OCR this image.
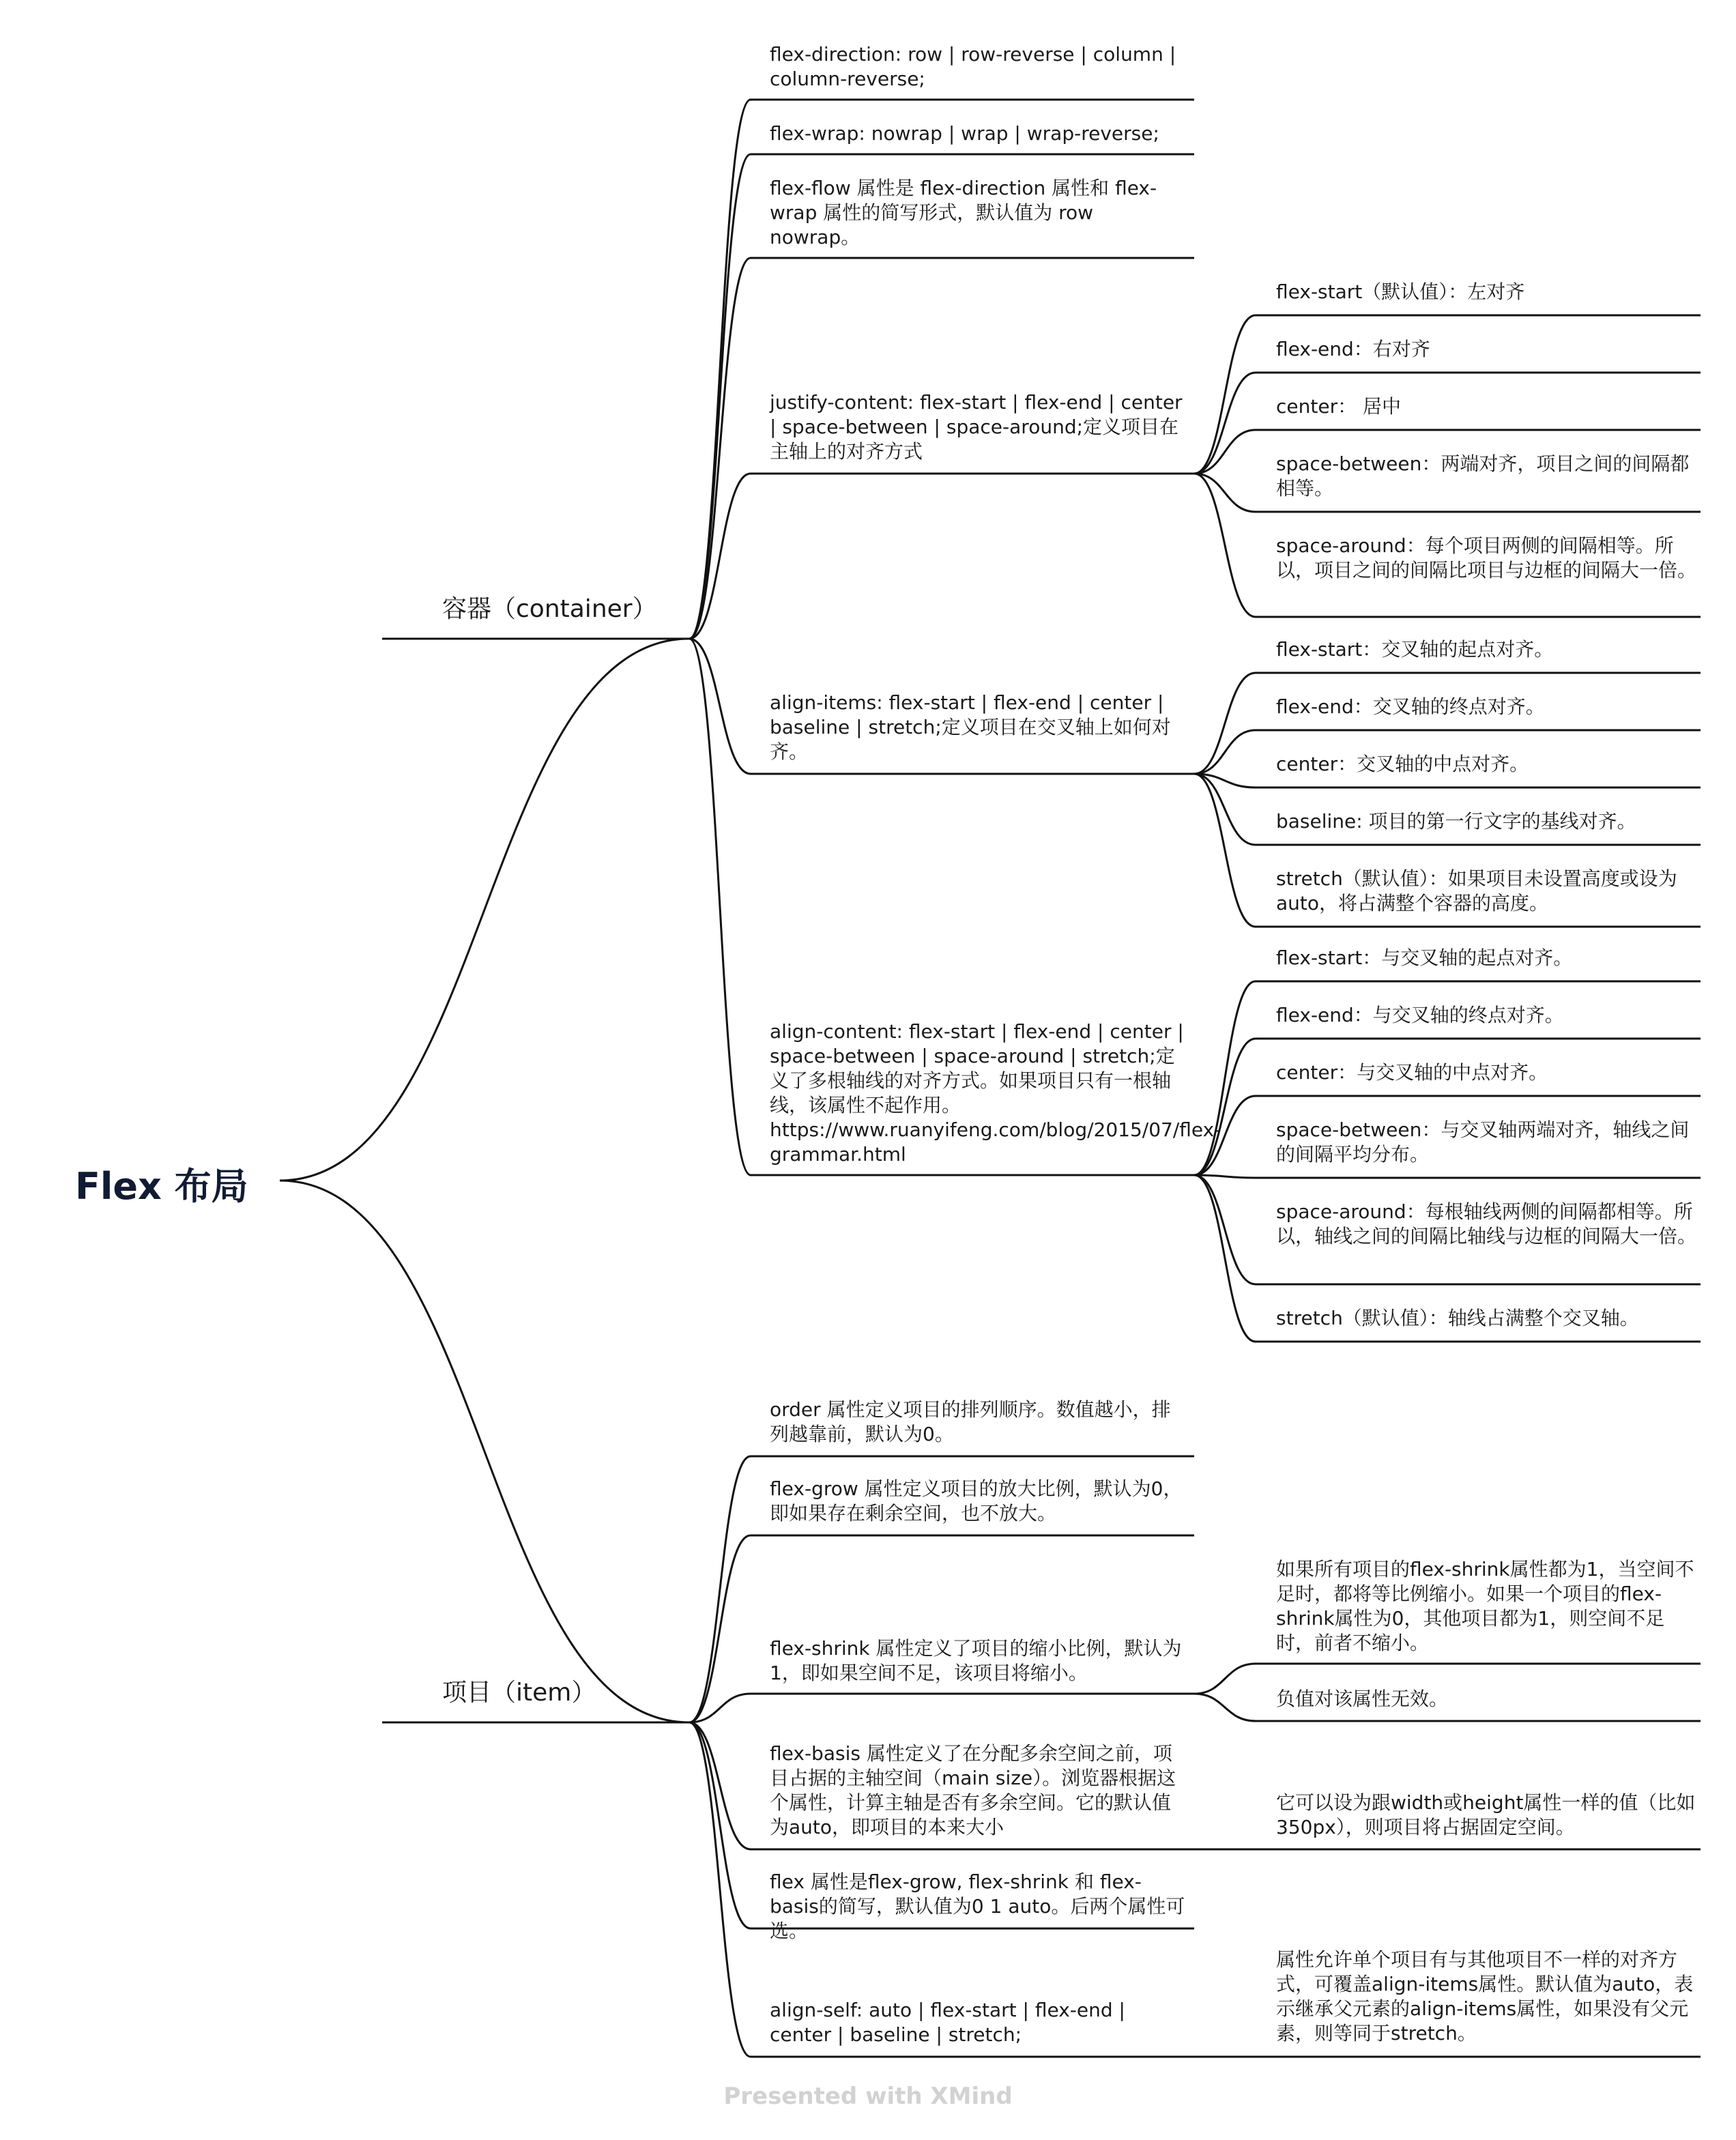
Flex 布局
容器（container）
项目（item）
flex-direction: row | row-reverse | column | column-reverse;
flex-wrap: nowrap | wrap | wrap-reverse;
flex-flow 属性是 flex-direction 属性和 flex-wrap 属性的简写形式，默认值为 row nowrap。
justify-content: flex-start | flex-end | center | space-between | space-around;定义项目在主轴上的对齐方式
align-items: flex-start | flex-end | center | baseline | stretch;定义项目在交叉轴上如何对齐。
align-content: flex-start | flex-end | center | space-between | space-around | stretch;定义了多根轴线的对齐方式。如果项目只有一根轴线，该属性不起作用。https://www.ruanyifeng.com/blog/2015/07/flex-grammar.html
flex-start（默认值）：左对齐
flex-end：右对齐
center： 居中
space-between：两端对齐，项目之间的间隔都相等。
space-around：每个项目两侧的间隔相等。所以，项目之间的间隔比项目与边框的间隔大一倍。
flex-start：交叉轴的起点对齐。
flex-end：交叉轴的终点对齐。
center：交叉轴的中点对齐。
baseline: 项目的第一行文字的基线对齐。
stretch（默认值）：如果项目未设置高度或设为auto，将占满整个容器的高度。
flex-start：与交叉轴的起点对齐。
flex-end：与交叉轴的终点对齐。
center：与交叉轴的中点对齐。
space-between：与交叉轴两端对齐，轴线之间的间隔平均分布。
space-around：每根轴线两侧的间隔都相等。所以，轴线之间的间隔比轴线与边框的间隔大一倍。
stretch（默认值）：轴线占满整个交叉轴。
order 属性定义项目的排列顺序。数值越小，排列越靠前，默认为0。
flex-grow 属性定义项目的放大比例，默认为0，即如果存在剩余空间，也不放大。
flex-shrink 属性定义了项目的缩小比例，默认为1，即如果空间不足，该项目将缩小。
flex-basis 属性定义了在分配多余空间之前，项目占据的主轴空间（main size）。浏览器根据这个属性，计算主轴是否有多余空间。它的默认值为auto，即项目的本来大小
flex 属性是flex-grow, flex-shrink 和 flex-basis的简写，默认值为0 1 auto。后两个属性可选。
align-self: auto | flex-start | flex-end | center | baseline | stretch;
如果所有项目的flex-shrink属性都为1，当空间不足时，都将等比例缩小。如果一个项目的flex-shrink属性为0，其他项目都为1，则空间不足时，前者不缩小。
负值对该属性无效。
它可以设为跟width或height属性一样的值（比如350px），则项目将占据固定空间。
属性允许单个项目有与其他项目不一样的对齐方式，可覆盖align-items属性。默认值为auto，表示继承父元素的align-items属性，如果没有父元素，则等同于stretch。
Presented with XMind
